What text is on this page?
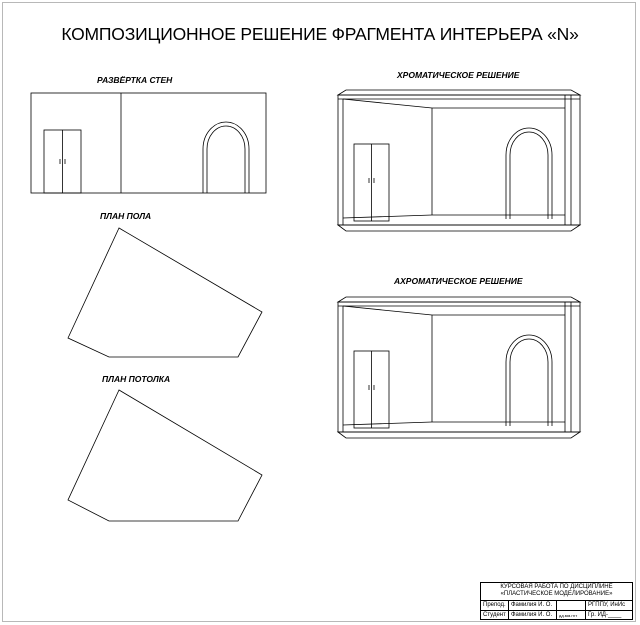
КОМПОЗИЦИОННОЕ РЕШЕНИЕ ФРАГМЕНТА ИНТЕРЬЕРА «N»
РАЗВЁРТКА СТЕН
ПЛАН ПОЛА
ПЛАН ПОТОЛКА
ХРОМАТИЧЕСКОЕ РЕШЕНИЕ
АХРОМАТИЧЕСКОЕ РЕШЕНИЕ
КУРСОВАЯ РАБОТА ПО ДИСЦИПЛИНЕ
«ПЛАСТИЧЕСКОЕ МОДЕЛИРОВАНИЕ»
Препод. Фамилия И. О.	РГППУ, ИнИс
Студент Фамилия И. О.	дд.мм.гггг	Гр. ИД-____
